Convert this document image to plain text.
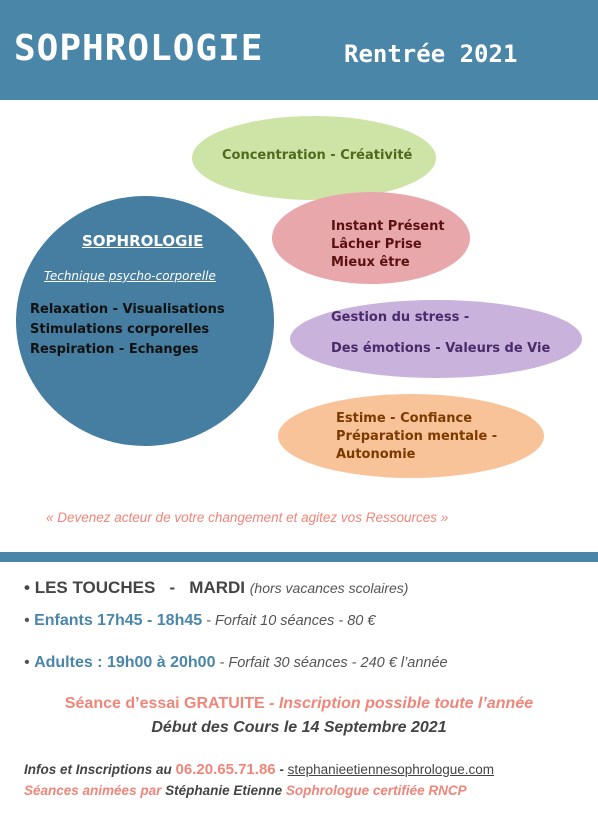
SOPHROLOGIE	Rentrée 2021
Concentration - Créativité
Instant Présent
Lâcher Prise
Mieux être
Gestion du stress -
Des émotions - Valeurs de Vie
Estime - Confiance
Préparation mentale -
Autonomie
SOPHROLOGIE
Technique psycho-corporelle
Relaxation - Visualisations
Stimulations corporelles
Respiration - Echanges
« Devenez acteur de votre changement et agitez vos Ressources »
• LES TOUCHES - MARDI (hors vacances scolaires)
• Enfants 17h45 - 18h45 - Forfait 10 séances - 80 €
• Adultes : 19h00 à 20h00 - Forfait 30 séances - 240 € l’année
Séance d’essai GRATUITE - Inscription possible toute l’année
Début des Cours le 14 Septembre 2021
Infos et Inscriptions au 06.20.65.71.86 - stephanieetiennesophrologue.com
Séances animées par Stéphanie Etienne Sophrologue certifiée RNCP
